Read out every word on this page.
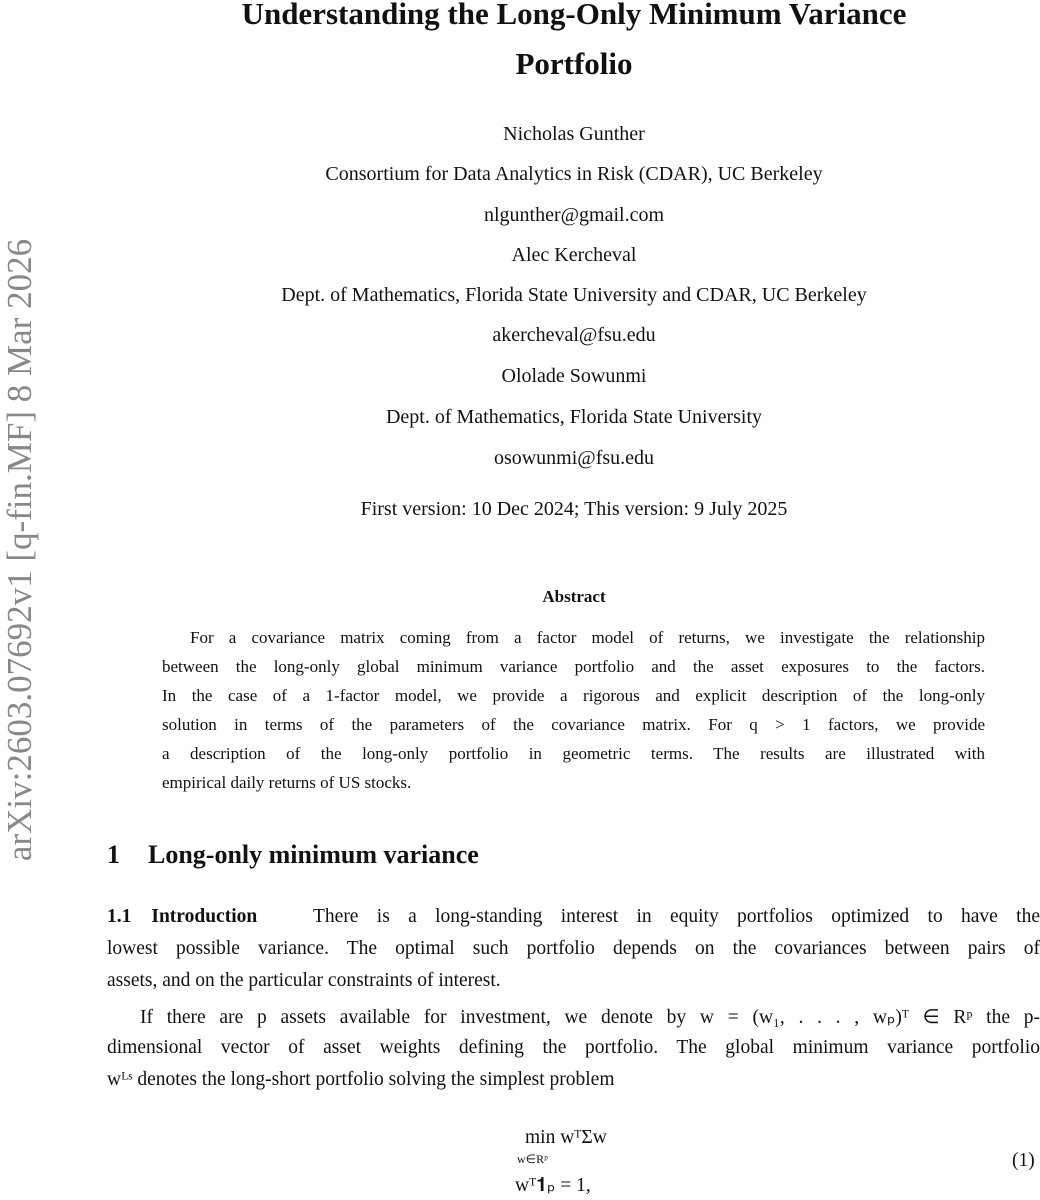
arXiv:2603.07692v1 [q-fin.MF] 8 Mar 2026
Understanding the Long-Only Minimum Variance
Portfolio
Nicholas Gunther
Consortium for Data Analytics in Risk (CDAR), UC Berkeley
nlgunther@gmail.com
Alec Kercheval
Dept. of Mathematics, Florida State University and CDAR, UC Berkeley
akercheval@fsu.edu
Ololade Sowunmi
Dept. of Mathematics, Florida State University
osowunmi@fsu.edu
First version: 10 Dec 2024; This version: 9 July 2025
Abstract
For a covariance matrix coming from a factor model of returns, we investigate the relationship
between the long-only global minimum variance portfolio and the asset exposures to the factors.
In the case of a 1-factor model, we provide a rigorous and explicit description of the long-only
solution in terms of the parameters of the covariance matrix. For q > 1 factors, we provide
a description of the long-only portfolio in geometric terms. The results are illustrated with
empirical daily returns of US stocks.
1 Long-only minimum variance
1.1 Introduction	There is a long-standing interest in equity portfolios optimized to have the
lowest possible variance. The optimal such portfolio depends on the covariances between pairs of
assets, and on the particular constraints of interest.
If there are p assets available for investment, we denote by w = (w₁, . . . , wₚ)ᵀ ∈ Rᵖ the p-
dimensional vector of asset weights defining the portfolio. The global minimum variance portfolio
wᴸˢ denotes the long-short portfolio solving the simplest problem
min wᵀΣw
w∈Rᵖ
wᵀ𝟏ₚ = 1,
(1)
